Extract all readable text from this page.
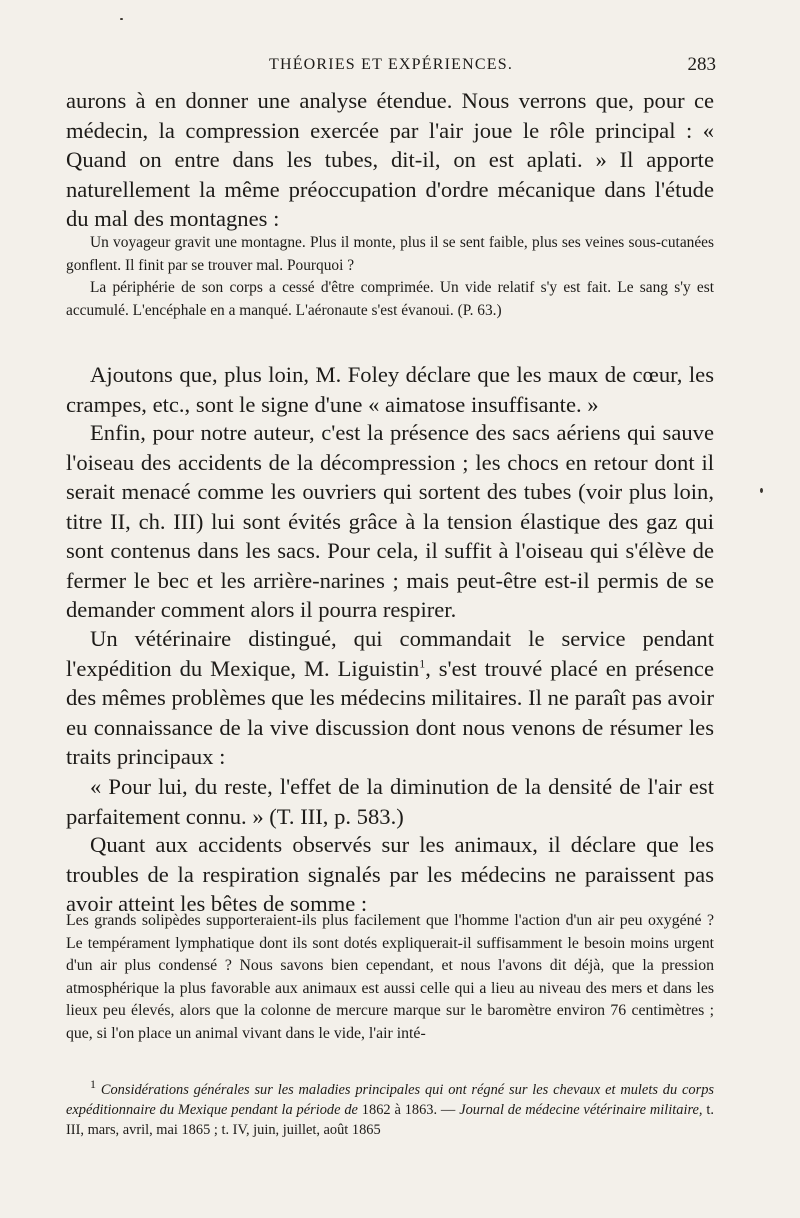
THÉORIES ET EXPÉRIENCES.	283

aurons à en donner une analyse étendue. Nous verrons que, pour ce médecin, la compression exercée par l'air joue le rôle principal : « Quand on entre dans les tubes, dit-il, on est aplati. » Il apporte naturellement la même préoccupation d'ordre mécanique dans l'étude du mal des montagnes :

Un voyageur gravit une montagne. Plus il monte, plus il se sent faible, plus ses veines sous-cutanées gonflent. Il finit par se trouver mal. Pourquoi ?

La périphérie de son corps a cessé d'être comprimée. Un vide relatif s'y est fait. Le sang s'y est accumulé. L'encéphale en a manqué. L'aéronaute s'est évanoui. (P. 63.)

Ajoutons que, plus loin, M. Foley déclare que les maux de cœur, les crampes, etc., sont le signe d'une « aimatose insuffisante. »

Enfin, pour notre auteur, c'est la présence des sacs aériens qui sauve l'oiseau des accidents de la décompression ; les chocs en retour dont il serait menacé comme les ouvriers qui sortent des tubes (voir plus loin, titre II, ch. III) lui sont évités grâce à la tension élastique des gaz qui sont contenus dans les sacs. Pour cela, il suffit à l'oiseau qui s'élève de fermer le bec et les arrière-narines ; mais peut-être est-il permis de se demander comment alors il pourra respirer.

Un vétérinaire distingué, qui commandait le service pendant l'expédition du Mexique, M. Liguistin$^1$, s'est trouvé placé en présence des mêmes problèmes que les médecins militaires. Il ne paraît pas avoir eu connaissance de la vive discussion dont nous venons de résumer les traits principaux :

« Pour lui, du reste, l'effet de la diminution de la densité de l'air est parfaitement connu. » (T. III, p. 583.)

Quant aux accidents observés sur les animaux, il déclare que les troubles de la respiration signalés par les médecins ne paraissent pas avoir atteint les bêtes de somme :

Les grands solipèdes supporteraient-ils plus facilement que l'homme l'action d'un air peu oxygéné ? Le tempérament lymphatique dont ils sont dotés expliquerait-il suffisamment le besoin moins urgent d'un air plus condensé ? Nous savons bien cependant, et nous l'avons dit déjà, que la pression atmosphérique la plus favorable aux animaux est aussi celle qui a lieu au niveau des mers et dans les lieux peu élevés, alors que la colonne de mercure marque sur le baromètre environ 76 centimètres ; que, si l'on place un animal vivant dans le vide, l'air inté-

$^1$ Considérations générales sur les maladies principales qui ont régné sur les chevaux et mulets du corps expéditionnaire du Mexique pendant la période de 1862 à 1863. — Journal de médecine vétérinaire militaire, t. III, mars, avril, mai 1865 ; t. IV, juin, juillet, août 1865
